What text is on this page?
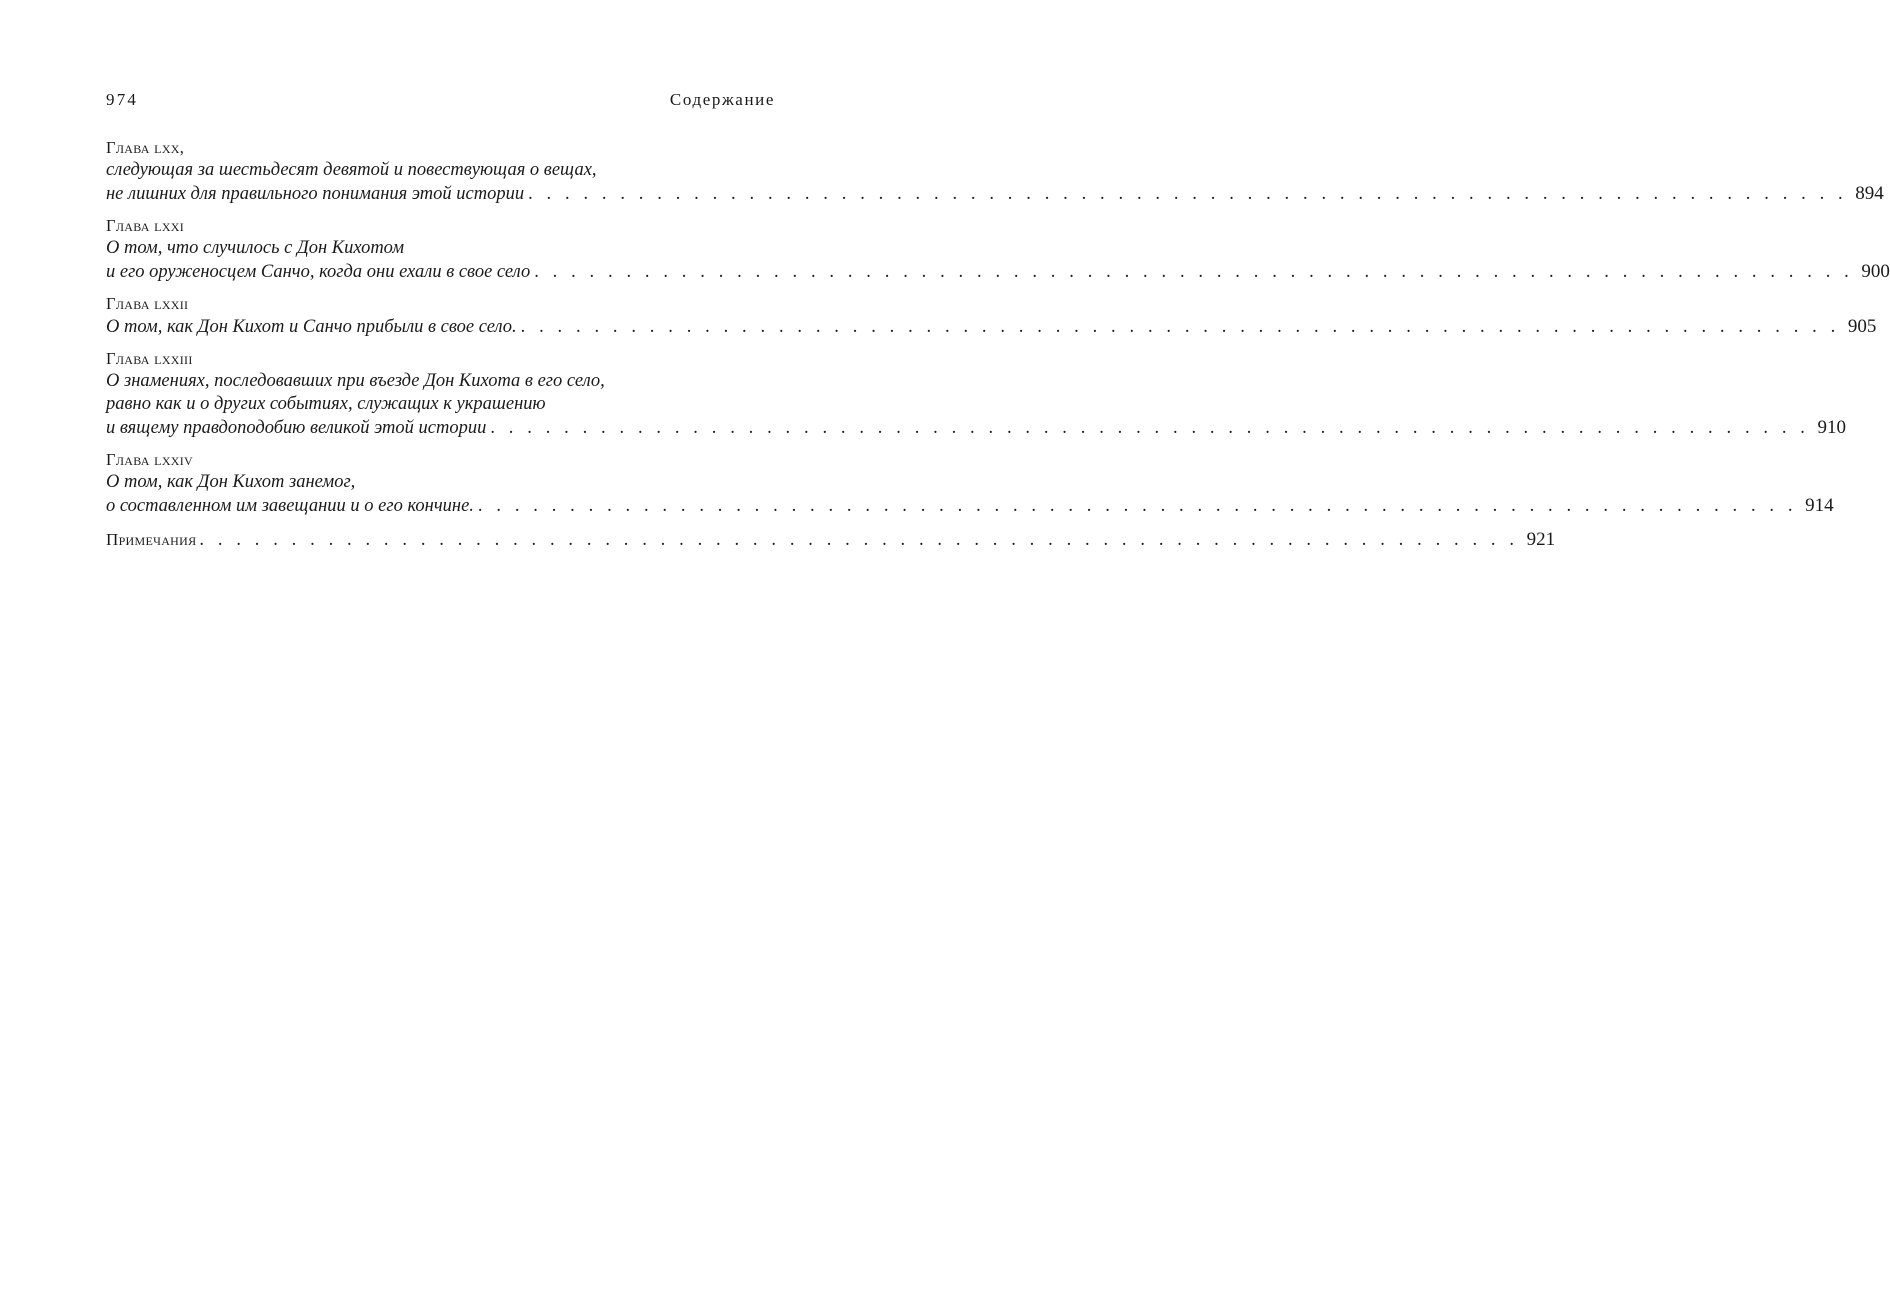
974	Содержание
Глава lxx,
следующая за шестьдесят девятой и повествующая о вещах,
не лишних для правильного понимания этой истории . . . . . . . . . . . . . . . . . . . . . . . . . . . . . . . . . . . . . . . . . . . . . . . . . . . . . . . . . . . . . . . . . . . . . . . . 894
Глава lxxi
О том, что случилось с Дон Кихотом
и его оруженосцем Санчо, когда они ехали в свое село . . . . . . . . . . . . . . . . . . . . . . . . . . . . . . . . . . . . . . . . . . . . . . . . . . . . . . . . . . . . . . . . . . . . . . . . 900
Глава lxxii
О том, как Дон Кихот и Санчо прибыли в свое село. . . . . . . . . . . . . . . . . . . . . . . . . . . . . . . . . . . . . . . . . . . . . . . . . . . . . . . . . . . . . . . . . . . . . . . . . 905
Глава lxxiii
О знамениях, последовавших при въезде Дон Кихота в его село,
равно как и о других событиях, служащих к украшению
и вящему правдоподобию великой этой истории . . . . . . . . . . . . . . . . . . . . . . . . . . . . . . . . . . . . . . . . . . . . . . . . . . . . . . . . . . . . . . . . . . . . . . . . 910
Глава lxxiv
О том, как Дон Кихот занемог,
о составленном им завещании и о его кончине. . . . . . . . . . . . . . . . . . . . . . . . . . . . . . . . . . . . . . . . . . . . . . . . . . . . . . . . . . . . . . . . . . . . . . . . . 914
Примечания . . . . . . . . . . . . . . . . . . . . . . . . . . . . . . . . . . . . . . . . . . . . . . . . . . . . . . . . . . . . . . . . . . . . . . . . 921
